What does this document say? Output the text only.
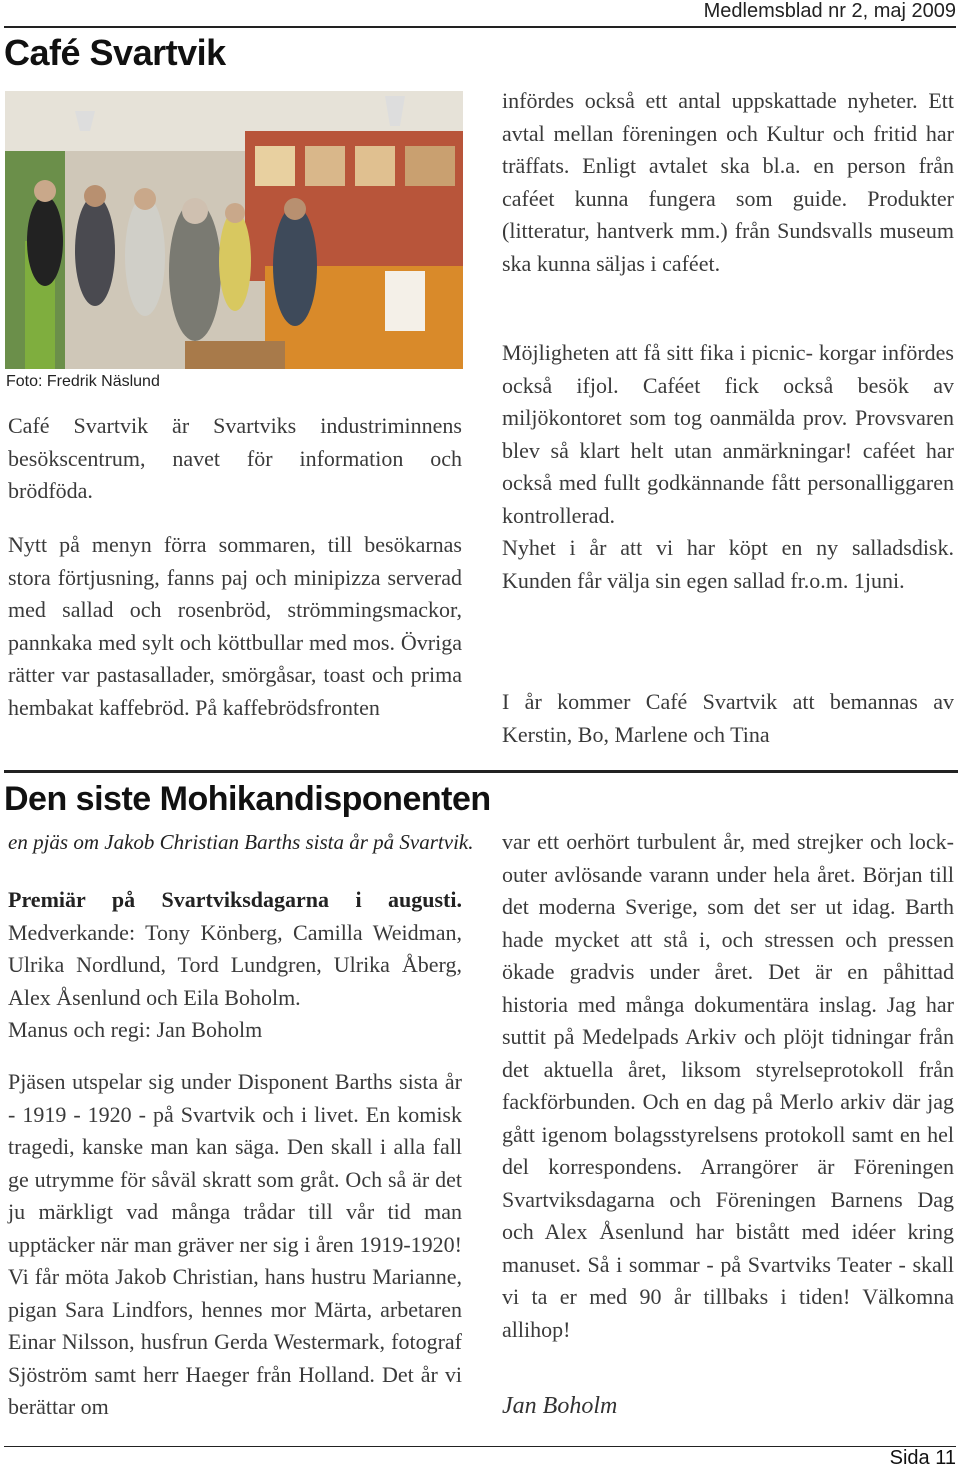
Medlemsblad nr 2, maj 2009
Café Svartvik
Foto: Fredrik Näslund

Café Svartvik är Svartviks industriminnens besökscentrum, navet för information och brödföda.

Nytt på menyn förra sommaren, till besökarnas stora förtjusning, fanns paj och minipizza serverad med sallad och rosenbröd, strömmingsmackor, pannkaka med sylt och köttbullar med mos. Övriga rätter var pastasallader, smörgåsar, toast och prima hembakat kaffebröd. På kaffebrödsfronten

infördes också ett antal uppskattade nyheter. Ett avtal mellan föreningen och Kultur och fritid har träffats. Enligt avtalet ska bl.a. en person från caféet kunna fungera som guide. Produkter (litteratur, hantverk mm.) från Sundsvalls museum ska kunna säljas i caféet.

Möjligheten att få sitt fika i picnic- korgar infördes också ifjol. Caféet fick också besök av miljökontoret som tog oanmälda prov. Provsvaren blev så klart helt utan anmärkningar! caféet har också med fullt godkännande fått personalliggaren kontrollerad.

Nyhet i år att vi har köpt en ny salladsdisk. Kunden får välja sin egen sallad fr.o.m. 1juni.

I år kommer Café Svartvik att bemannas av Kerstin, Bo, Marlene och Tina

Den siste Mohikandisponenten
en pjäs om Jakob Christian Barths sista år på Svartvik.

Premiär på Svartviksdagarna i augusti. Medverkande: Tony Könberg, Camilla Weidman, Ulrika Nordlund, Tord Lundgren, Ulrika Åberg, Alex Åsenlund och Eila Boholm.

Manus och regi: Jan Boholm

Pjäsen utspelar sig under Disponent Barths sista år - 1919 - 1920 - på Svartvik och i livet. En komisk tragedi, kanske man kan säga. Den skall i alla fall ge utrymme för såväl skratt som gråt. Och så är det ju märkligt vad många trådar till vår tid man upptäcker när man gräver ner sig i åren 1919-1920! Vi får möta Jakob Christian, hans hustru Marianne, pigan Sara Lindfors, hennes mor Märta, arbetaren Einar Nilsson, husfrun Gerda Westermark, fotograf Sjöström samt herr Haeger från Holland. Det år vi berättar om

var ett oerhört turbulent år, med strejker och lock-outer avlösande varann under hela året. Början till det moderna Sverige, som det ser ut idag. Barth hade mycket att stå i, och stressen och pressen ökade gradvis under året. Det är en påhittad historia med många dokumentära inslag. Jag har suttit på Medelpads Arkiv och plöjt tidningar från det aktuella året, liksom styrelseprotokoll från fackförbunden. Och en dag på Merlo arkiv där jag gått igenom bolagsstyrelsens protokoll samt en hel del korrespondens. Arrangörer är Föreningen Svartviksdagarna och Föreningen Barnens Dag och Alex Åsenlund har bistått med idéer kring manuset. Så i sommar - på Svartviks Teater - skall vi ta er med 90 år tillbaks i tiden! Välkomna allihop!

Jan Boholm
Sida 11
